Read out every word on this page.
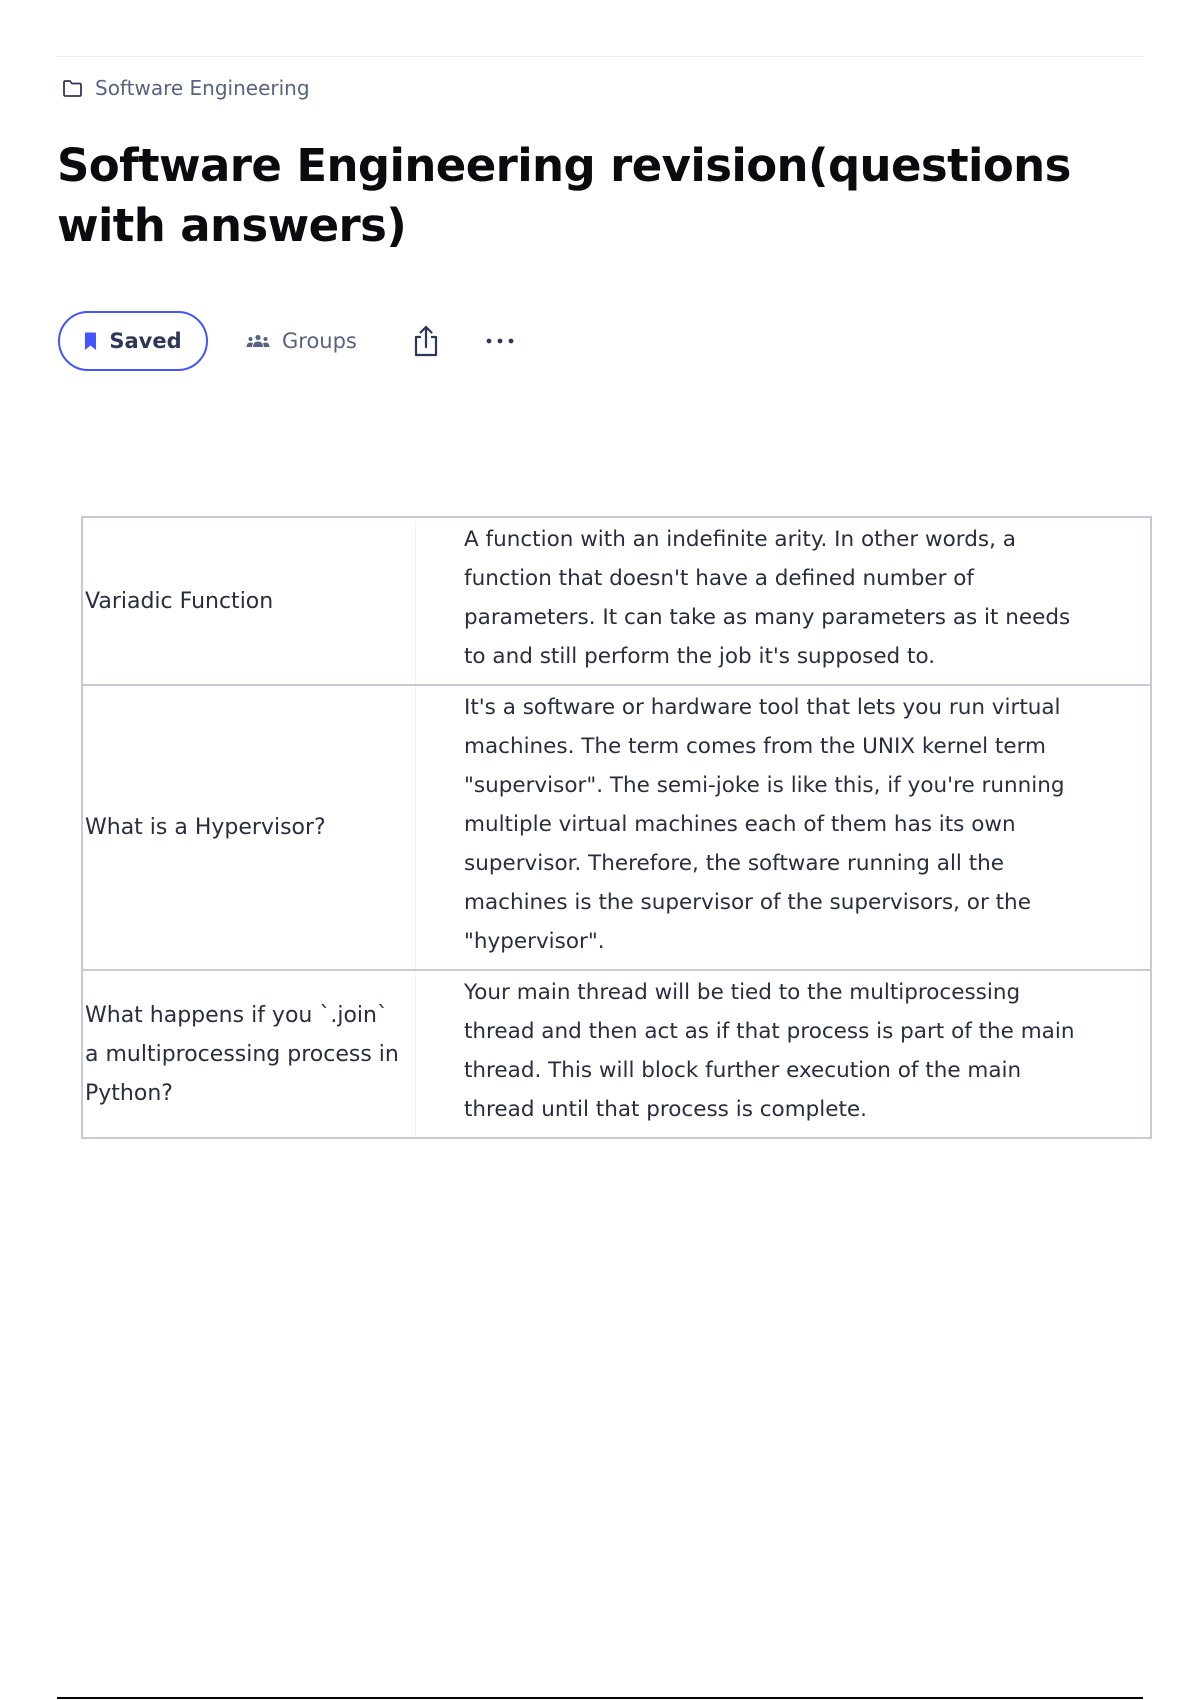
Software Engineering
Software Engineering revision(questions with answers)
Saved	Groups
Variadic Function	A function with an indefinite arity. In other words, a function that doesn't have a defined number of parameters. It can take as many parameters as it needs to and still perform the job it's supposed to.
What is a Hypervisor?	It's a software or hardware tool that lets you run virtual machines. The term comes from the UNIX kernel term "supervisor". The semi-joke is like this, if you're running multiple virtual machines each of them has its own supervisor. Therefore, the software running all the machines is the supervisor of the supervisors, or the "hypervisor".
What happens if you `.join` a multiprocessing process in Python?	Your main thread will be tied to the multiprocessing thread and then act as if that process is part of the main thread. This will block further execution of the main thread until that process is complete.
